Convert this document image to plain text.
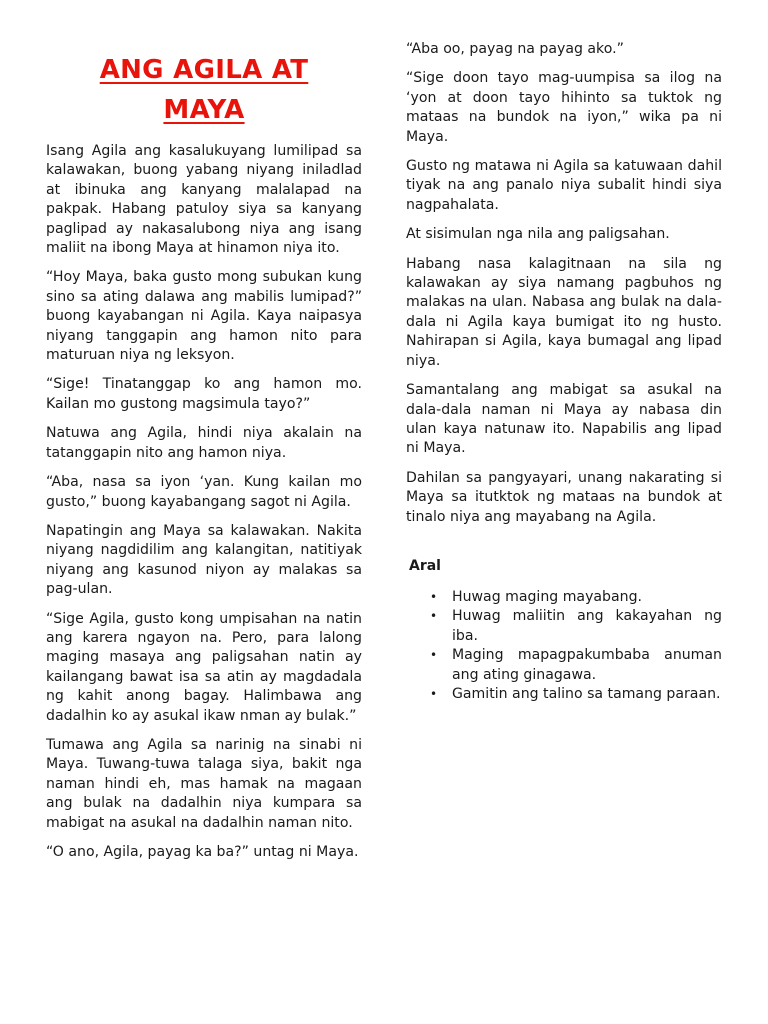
ANG AGILA AT
MAYA

Isang Agila ang kasalukuyang lumilipad sa kalawakan, buong yabang niyang iniladlad at ibinuka ang kanyang malalapad na pakpak. Habang patuloy siya sa kanyang paglipad ay nakasalubong niya ang isang maliit na ibong Maya at hinamon niya ito.

“Hoy Maya, baka gusto mong subukan kung sino sa ating dalawa ang mabilis lumipad?” buong kayabangan ni Agila. Kaya naipasya niyang tanggapin ang hamon nito para maturuan niya ng leksyon.

“Sige! Tinatanggap ko ang hamon mo. Kailan mo gustong magsimula tayo?”

Natuwa ang Agila, hindi niya akalain na tatanggapin nito ang hamon niya.

“Aba, nasa sa iyon ‘yan. Kung kailan mo gusto,” buong kayabangang sagot ni Agila.

Napatingin ang Maya sa kalawakan. Nakita niyang nagdidilim ang kalangitan, natitiyak niyang ang kasunod niyon ay malakas sa pag-ulan.

“Sige Agila, gusto kong umpisahan na natin ang karera ngayon na. Pero, para lalong maging masaya ang paligsahan natin ay kailangang bawat isa sa atin ay magdadala ng kahit anong bagay. Halimbawa ang dadalhin ko ay asukal ikaw nman ay bulak.”

Tumawa ang Agila sa narinig na sinabi ni Maya. Tuwang-tuwa talaga siya, bakit nga naman hindi eh, mas hamak na magaan ang bulak na dadalhin niya kumpara sa mabigat na asukal na dadalhin naman nito.

“O ano, Agila, payag ka ba?” untag ni Maya.

“Aba oo, payag na payag ako.”

“Sige doon tayo mag-uumpisa sa ilog na ‘yon at doon tayo hihinto sa tuktok ng mataas na bundok na iyon,” wika pa ni Maya.

Gusto ng matawa ni Agila sa katuwaan dahil tiyak na ang panalo niya subalit hindi siya nagpahalata.

At sisimulan nga nila ang paligsahan.

Habang nasa kalagitnaan na sila ng kalawakan ay siya namang pagbuhos ng malakas na ulan. Nabasa ang bulak na dala-dala ni Agila kaya bumigat ito ng husto. Nahirapan si Agila, kaya bumagal ang lipad niya.

Samantalang ang mabigat sa asukal na dala-dala naman ni Maya ay nabasa din ulan kaya natunaw ito. Napabilis ang lipad ni Maya.

Dahilan sa pangyayari, unang nakarating si Maya sa itutktok ng mataas na bundok at tinalo niya ang mayabang na Agila.

Aral
• Huwag maging mayabang.
• Huwag maliitin ang kakayahan ng iba.
• Maging mapagpakumbaba anuman ang ating ginagawa.
• Gamitin ang talino sa tamang paraan.
